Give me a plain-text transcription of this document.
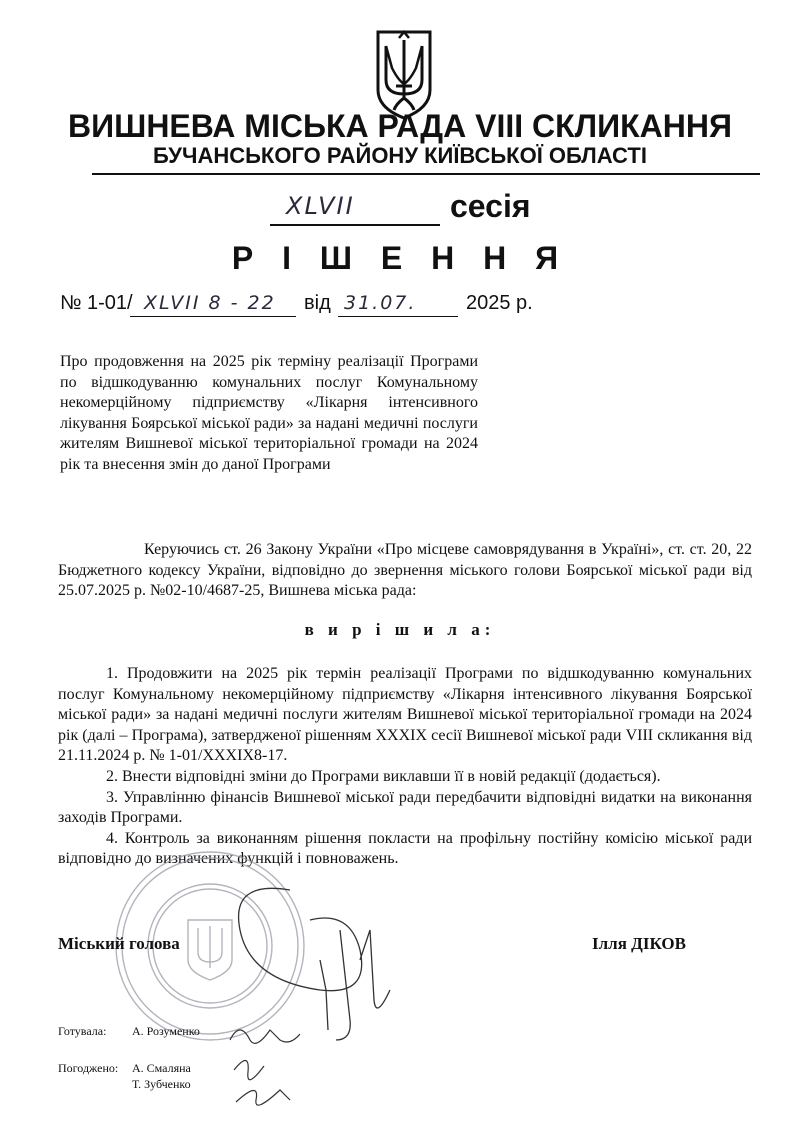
ВИШНЕВА МІСЬКА РАДА VIII СКЛИКАННЯ
БУЧАНСЬКОГО РАЙОНУ КИЇВСЬКОЇ ОБЛАСТІ
XLVII	сесія
Р І Ш Е Н Н Я
№ 1-01/ XLVII 8 - 22 від 31.07. 2025 р.
Про продовження на 2025 рік терміну реалізації Програми по відшкодуванню комунальних послуг Комунальному некомерційному підприємству «Лікарня інтенсивного лікування Боярської міської ради» за надані медичні послуги жителям Вишневої міської територіальної громади на 2024 рік та внесення змін до даної Програми
Керуючись ст. 26 Закону України «Про місцеве самоврядування в Україні», ст. ст. 20, 22 Бюджетного кодексу України, відповідно до звернення міського голови Боярської міської ради від 25.07.2025 р. №02-10/4687-25, Вишнева міська рада:
в и р і ш и л а:

1. Продовжити на 2025 рік термін реалізації Програми по відшкодуванню комунальних послуг Комунальному некомерційному підприємству «Лікарня інтенсивного лікування Боярської міської ради» за надані медичні послуги жителям Вишневої міської територіальної громади на 2024 рік (далі – Програма), затвердженої рішенням XXXIX сесії Вишневої міської ради VIII скликання від 21.11.2024 р. № 1-01/XXXIX8-17.

2. Внести відповідні зміни до Програми виклавши її в новій редакції (додається).

3. Управлінню фінансів Вишневої міської ради передбачити відповідні видатки на виконання заходів Програми.

4. Контроль за виконанням рішення покласти на профільну постійну комісію міської ради відповідно до визначених функцій і повноважень.

Міський голова	Ілля ДІКОВ
Готувала: А. Розуменко
Погоджено: А. Смаляна
Т. Зубченко
